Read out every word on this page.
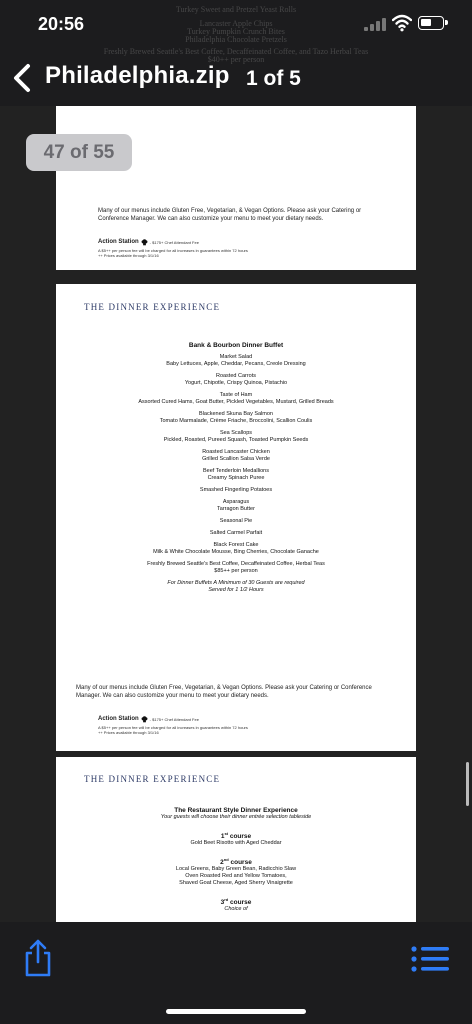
Turkey Sweet and Pretzel Yeast Rolls
Lancaster Apple Chips
Turkey Pumpkin Crunch Bites
Philadelphia Chocolate Pretzels
Freshly Brewed Seattle's Best Coffee, Decaffeinated Coffee, and Tazo Herbal Teas
$40++ per person
20:56
Philadelphia.zip 1 of 5
Many of our menus include Gluten Free, Vegetarian, & Vegan Options. Please ask your Catering or Conference Manager. We can also customize your menu to meet your dietary needs.
Action Station	- $175+ Chef Attendant Fee
A $5++ per person fee will be charged for all increases in guarantees within 72 hours
++ Prices available through 3/1/16
THE DINNER EXPERIENCE
Bank & Bourbon Dinner Buffet
Market Salad
Baby Lettuces, Apple, Cheddar, Pecans, Creole Dressing
Roasted Carrots
Yogurt, Chipotle, Crispy Quinoa, Pistachio
Taste of Ham
Assorted Cured Hams, Goat Butter, Pickled Vegetables, Mustard, Grilled Breads
Blackened Skuna Bay Salmon
Tomato Marmalade, Crème Friache, Broccolini, Scallion Coulis
Sea Scallops
Pickled, Roasted, Pureed Squash, Toasted Pumpkin Seeds
Roasted Lancaster Chicken
Grilled Scallion Salsa Verde
Beef Tenderloin Medallions
Creamy Spinach Puree
Smashed Fingerling Potatoes
Asparagus
Tarragon Butter
Seasonal Pie
Salted Carmel Parfait
Black Forest Cake
Milk & White Chocolate Mousse, Bing Cherries, Chocolate Ganache
Freshly Brewed Seattle's Best Coffee, Decaffeinated Coffee, Herbal Teas
$85++ per person
For Dinner Buffets A Minimum of 30 Guests are required
Served for 1 1/2 Hours
Many of our menus include Gluten Free, Vegetarian, & Vegan Options. Please ask your Catering or Conference Manager. We can also customize your menu to meet your dietary needs.
Action Station	- $175+ Chef Attendant Fee
A $5++ per person fee will be charged for all increases in guarantees within 72 hours
++ Prices available through 3/1/16
THE DINNER EXPERIENCE
The Restaurant Style Dinner Experience
Your guests will choose their dinner entrée selection tableside
1st course
Gold Beet Risotto with Aged Cheddar
2nd course
Local Greens, Baby Green Bean, Radicchio Slaw
Oven Roasted Red and Yellow Tomatoes,
Shaved Goat Cheese, Aged Sherry Vinaigrette
3rd course
Choice of
47 of 55
